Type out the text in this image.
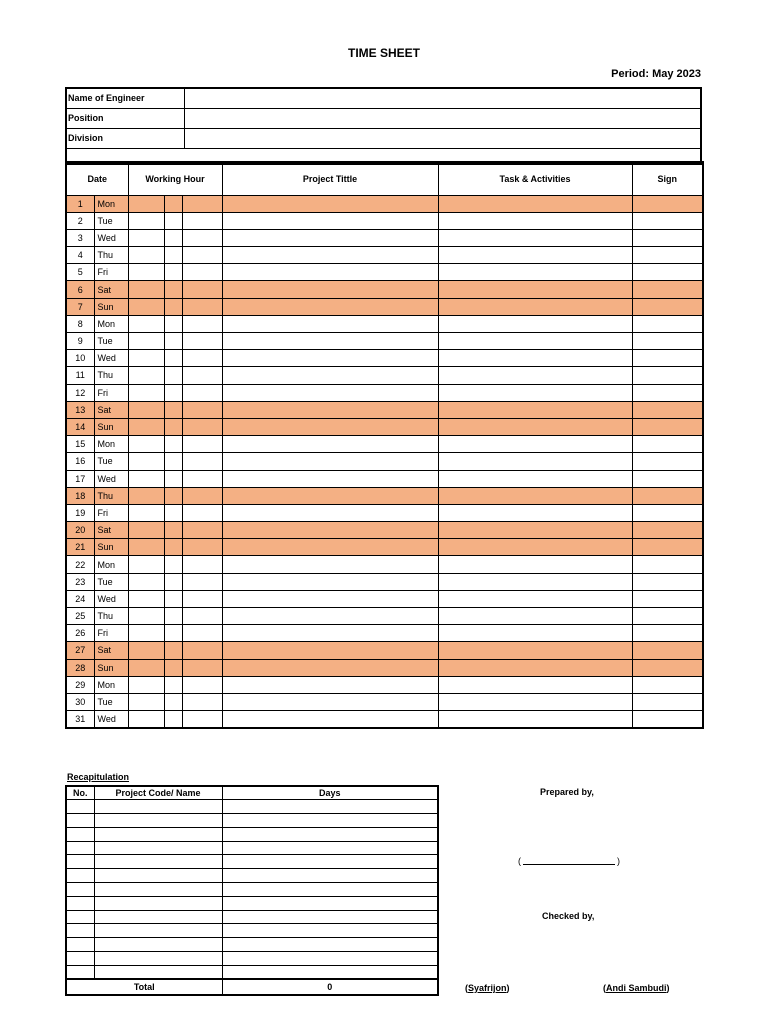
TIME SHEET
Period: May 2023
Name of Engineer
Position
Division
Date		Working Hour			Project Tittle	Task & Activities	Sign
1	Mon						
2	Tue						
3	Wed						
4	Thu						
5	Fri						
6	Sat						
7	Sun						
8	Mon						
9	Tue						
10	Wed						
11	Thu						
12	Fri						
13	Sat						
14	Sun						
15	Mon						
16	Tue						
17	Wed						
18	Thu						
19	Fri						
20	Sat						
21	Sun						
22	Mon						
23	Tue						
24	Wed						
25	Thu						
26	Fri						
27	Sat						
28	Sun						
29	Mon						
30	Tue						
31	Wed						
Recapitulation
No.	Project Code/ Name	Days

Total		0
Prepared by,
(	)
Checked by,
(Syafrijon)	(Andi Sambudi)
